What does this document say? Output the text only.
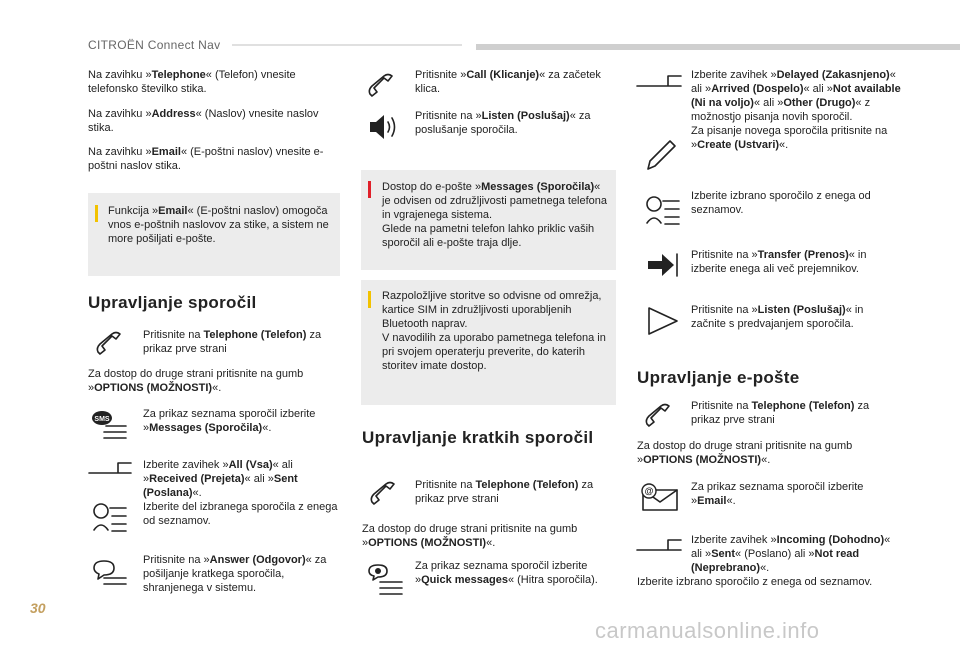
CITROËN Connect Nav
Na zavihku »Telephone« (Telefon) vnesite telefonsko številko stika.
Na zavihku »Address« (Naslov) vnesite naslov stika.
Na zavihku »Email« (E-poštni naslov) vnesite e-poštni naslov stika.
Funkcija »Email« (E-poštni naslov) omogoča vnos e-poštnih naslovov za stike, a sistem ne more pošiljati e-pošte.
Upravljanje sporočil
Pritisnite na Telephone (Telefon) za prikaz prve strani
Za dostop do druge strani pritisnite na gumb »OPTIONS (MOŽNOSTI)«.
SMS	Za prikaz seznama sporočil izberite »Messages (Sporočila)«.
Izberite zavihek »All (Vsa)« ali »Received (Prejeta)« ali »Sent (Poslana)«.
Izberite del izbranega sporočila z enega od seznamov.
Pritisnite na »Answer (Odgovor)« za pošiljanje kratkega sporočila, shranjenega v sistemu.
Pritisnite »Call (Klicanje)« za začetek klica.
Pritisnite na »Listen (Poslušaj)« za poslušanje sporočila.
Dostop do e-pošte »Messages (Sporočila)« je odvisen od združljivosti pametnega telefona in vgrajenega sistema.
Glede na pametni telefon lahko priklic vaših sporočil ali e-pošte traja dlje.
Razpoložljive storitve so odvisne od omrežja, kartice SIM in združljivosti uporabljenih Bluetooth naprav.
V navodilih za uporabo pametnega telefona in pri svojem operaterju preverite, do katerih storitev imate dostop.
Upravljanje kratkih sporočil
Pritisnite na Telephone (Telefon) za prikaz prve strani
Za dostop do druge strani pritisnite na gumb »OPTIONS (MOŽNOSTI)«.
Za prikaz seznama sporočil izberite »Quick messages« (Hitra sporočila).
Izberite zavihek »Delayed (Zakasnjeno)« ali »Arrived (Dospelo)« ali »Not available (Ni na voljo)« ali »Other (Drugo)« z možnostjo pisanja novih sporočil.
Za pisanje novega sporočila pritisnite na »Create (Ustvari)«.
Izberite izbrano sporočilo z enega od seznamov.
Pritisnite na »Transfer (Prenos)« in izberite enega ali več prejemnikov.
Pritisnite na »Listen (Poslušaj)« in začnite s predvajanjem sporočila.
Upravljanje e-pošte
Pritisnite na Telephone (Telefon) za prikaz prve strani
Za dostop do druge strani pritisnite na gumb »OPTIONS (MOŽNOSTI)«.
@	Za prikaz seznama sporočil izberite »Email«.
Izberite zavihek »Incoming (Dohodno)« ali »Sent« (Poslano) ali »Not read (Neprebrano)«.
Izberite izbrano sporočilo z enega od seznamov.
30
carmanualsonline.info
